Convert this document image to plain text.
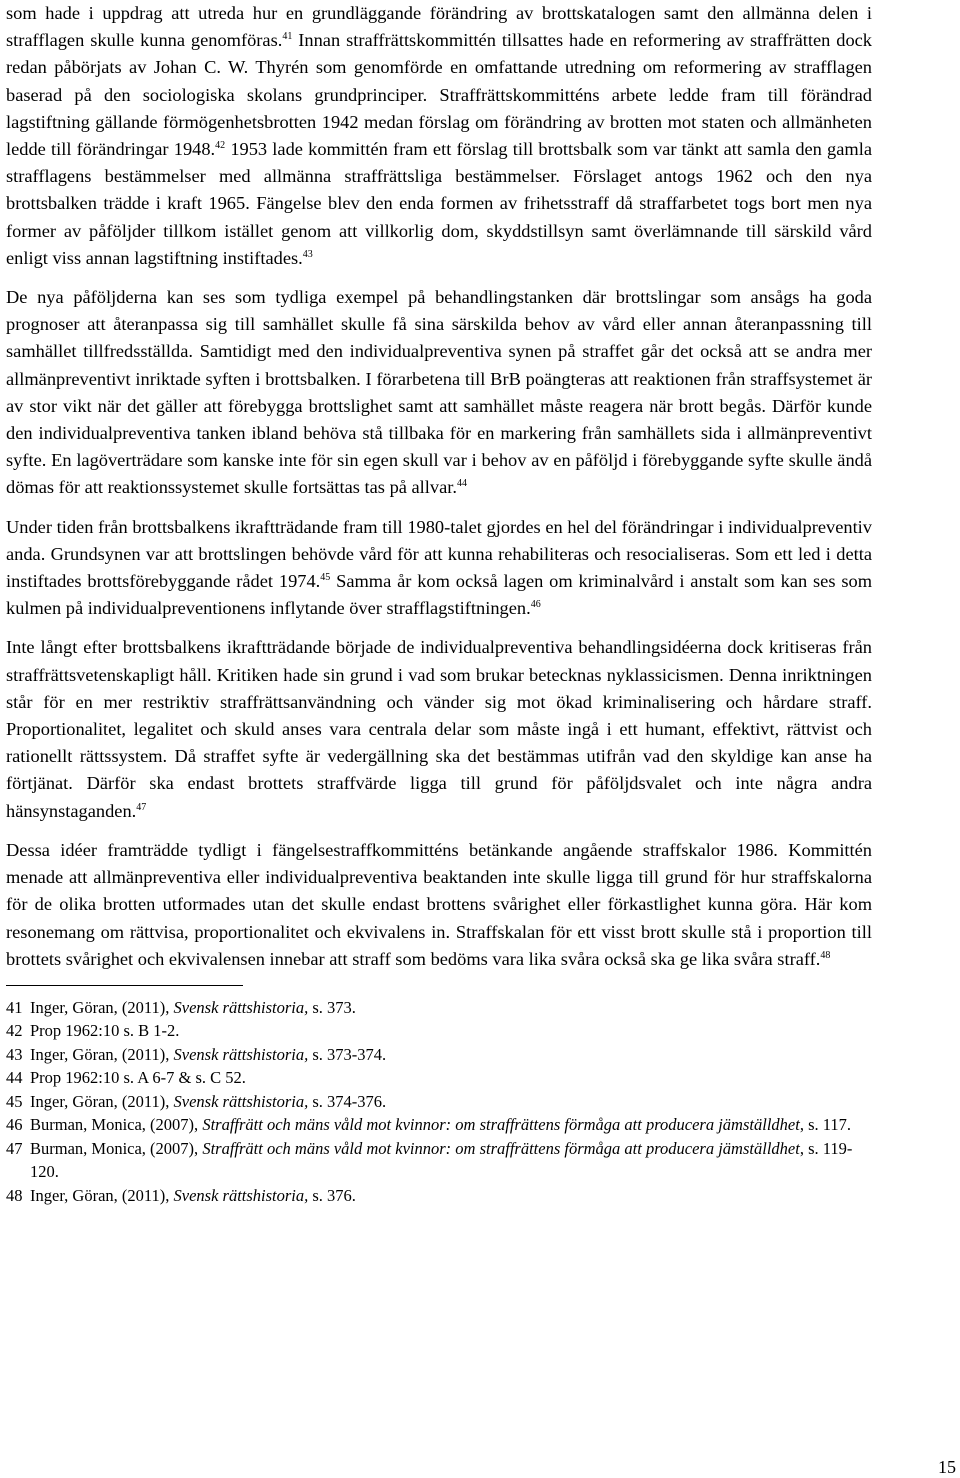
som hade i uppdrag att utreda hur en grundläggande förändring av brottskatalogen samt den allmänna delen i strafflagen skulle kunna genomföras.$^{41}$ Innan straffrättskommittén tillsattes hade en reformering av straffrätten dock redan påbörjats av Johan C. W. Thyrén som genomförde en omfattande utredning om reformering av strafflagen baserad på den sociologiska skolans grundprinciper. Straffrättskommitténs arbete ledde fram till förändrad lagstiftning gällande förmögenhetsbrotten 1942 medan förslag om förändring av brotten mot staten och allmänheten ledde till förändringar 1948.42 1953 lade kommittén fram ett förslag till brottsbalk som var tänkt att samla den gamla strafflagens bestämmelser med allmänna straffrättsliga bestämmelser. Förslaget antogs 1962 och den nya brottsbalken trädde i kraft 1965. Fängelse blev den enda formen av frihetsstraff då straffarbetet togs bort men nya former av påföljder tillkom istället genom att villkorlig dom, skyddstillsyn samt överlämnande till särskild vård enligt viss annan lagstiftning instiftades.$^{43}$

De nya påföljderna kan ses som tydliga exempel på behandlingstanken där brottslingar som ansågs ha goda prognoser att återanpassa sig till samhället skulle få sina särskilda behov av vård eller annan återanpassning till samhället tillfredsställda. Samtidigt med den individualpreventiva synen på straffet går det också att se andra mer allmänpreventivt inriktade syften i brottsbalken. I förarbetena till BrB poängteras att reaktionen från straffsystemet är av stor vikt när det gäller att förebygga brottslighet samt att samhället måste reagera när brott begås. Därför kunde den individualpreventiva tanken ibland behöva stå tillbaka för en markering från samhällets sida i allmänpreventivt syfte. En lagöverträdare som kanske inte för sin egen skull var i behov av en påföljd i förebyggande syfte skulle ändå dömas för att reaktionssystemet skulle fortsättas tas på allvar.$^{44}$

Under tiden från brottsbalkens ikraftträdande fram till 1980-talet gjordes en hel del förändringar i individualpreventiv anda. Grundsynen var att brottslingen behövde vård för att kunna rehabiliteras och resocialiseras. Som ett led i detta instiftades brottsförebyggande rådet 1974.45 Samma år kom också lagen om kriminalvård i anstalt som kan ses som kulmen på individualpreventionens inflytande över strafflagstiftningen.$^{46}$

Inte långt efter brottsbalkens ikraftträdande började de individualpreventiva behandlingsidéerna dock kritiseras från straffrättsvetenskapligt håll. Kritiken hade sin grund i vad som brukar betecknas nyklassicismen. Denna inriktningen står för en mer restriktiv straffrättsanvändning och vänder sig mot ökad kriminalisering och hårdare straff. Proportionalitet, legalitet och skuld anses vara centrala delar som måste ingå i ett humant, effektivt, rättvist och rationellt rättssystem. Då straffet syfte är vedergällning ska det bestämmas utifrån vad den skyldige kan anse ha förtjänat. Därför ska endast brottets straffvärde ligga till grund för påföljdsvalet och inte några andra hänsynstaganden.$^{47}$

Dessa idéer framträdde tydligt i fängelsestraffkommitténs betänkande angående straffskalor 1986. Kommittén menade att allmänpreventiva eller individualpreventiva beaktanden inte skulle ligga till grund för hur straffskalorna för de olika brotten utformades utan det skulle endast brottens svårighet eller förkastlighet kunna göra. Här kom resonemang om rättvisa, proportionalitet och ekvivalens in. Straffskalan för ett visst brott skulle stå i proportion till brottets svårighet och ekvivalensen innebar att straff som bedöms vara lika svåra också ska ge lika svåra straff.$^{48}$

41 Inger, Göran, (2011), Svensk rättshistoria, s. 373.
42 Prop 1962:10 s. B 1-2.
43 Inger, Göran, (2011), Svensk rättshistoria, s. 373-374.
44 Prop 1962:10 s. A 6-7 & s. C 52.
45 Inger, Göran, (2011), Svensk rättshistoria, s. 374-376.
46 Burman, Monica, (2007), Straffrätt och mäns våld mot kvinnor: om straffrättens förmåga att producera jämställdhet, s. 117.
47 Burman, Monica, (2007), Straffrätt och mäns våld mot kvinnor: om straffrättens förmåga att producera jämställdhet, s. 119-120.
48 Inger, Göran, (2011), Svensk rättshistoria, s. 376.
15
